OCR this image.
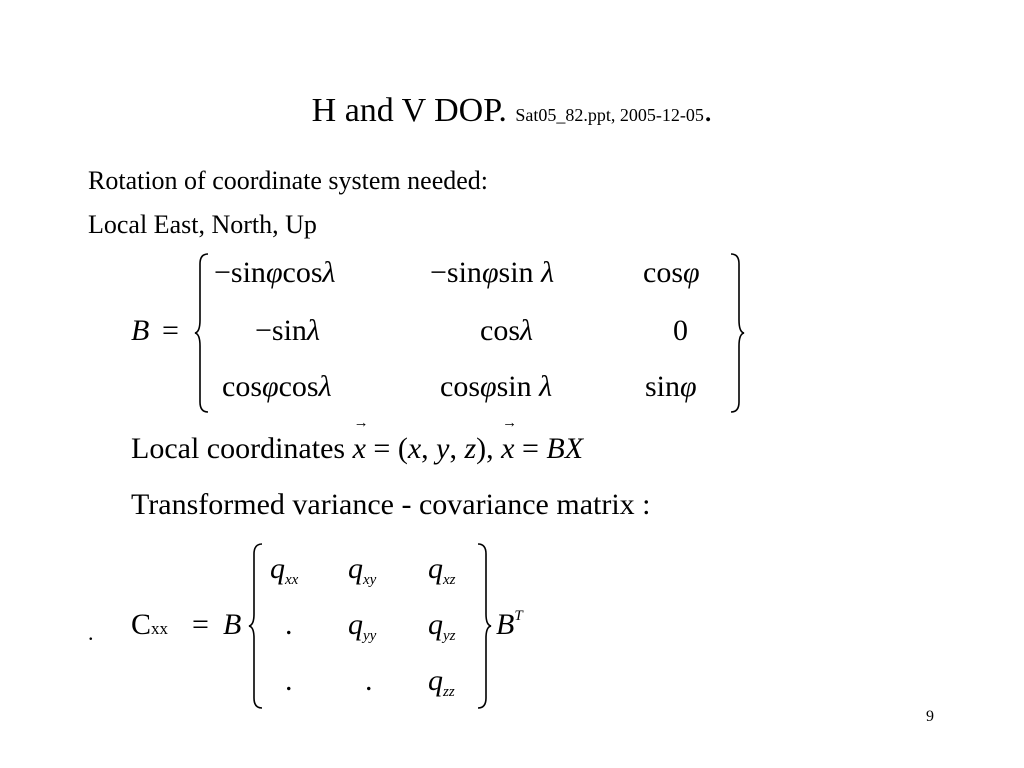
H and V DOP. Sat05_82.ppt, 2005-12-05.
Rotation of coordinate system needed:
Local East, North, Up
B =
−sinφcosλ	−sinφsin λ	cosφ
−sinλ	cosλ	0
cosφcosλ	cosφsin λ	sinφ
Local coordinates → x = (x, y, z), → x = BX
Transformed variance - covariance matrix :
. Cxx = B	$B^T$
$q_{xx}$ $q_{xy}$ $q_{xz}$
. $q_{yy}$ $q_{yz}$
. . $q_{zz}$
9
